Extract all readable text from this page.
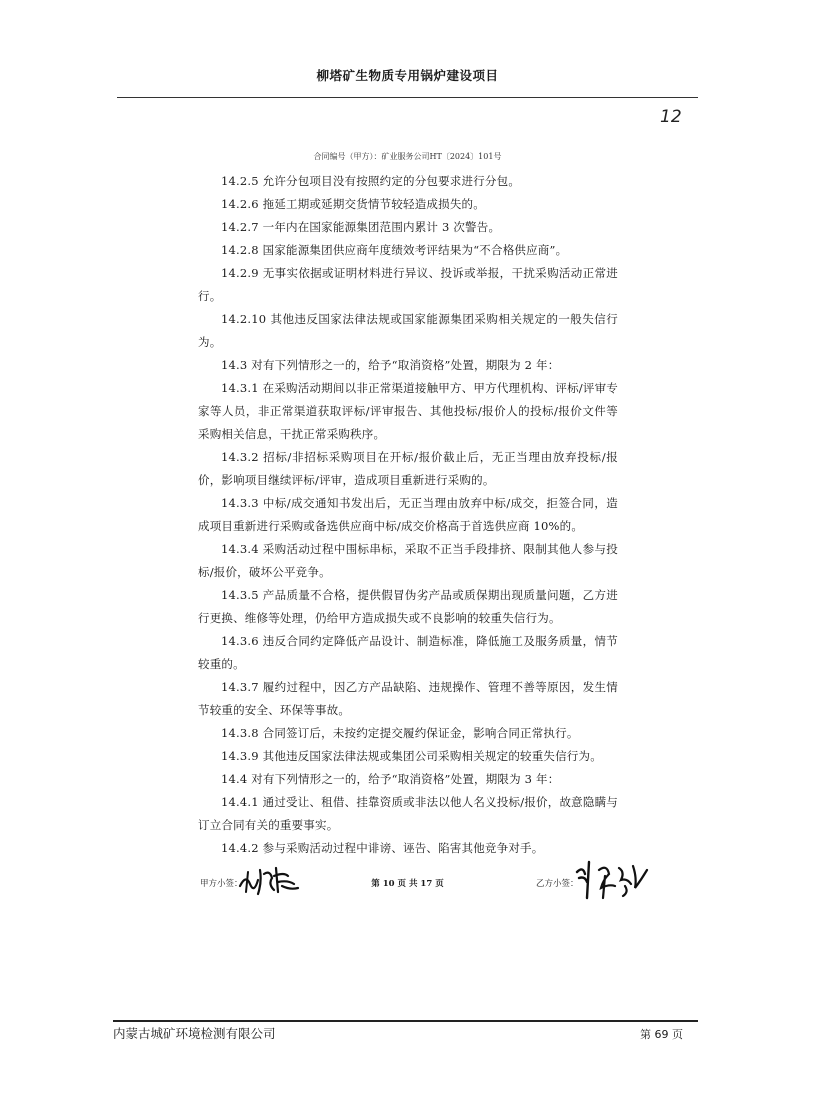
柳塔矿生物质专用锅炉建设项目
12
合同编号（甲方）：矿业服务公司HT〔2024〕101号

14.2.5 允许分包项目没有按照约定的分包要求进行分包。

14.2.6 拖延工期或延期交货情节较轻造成损失的。

14.2.7 一年内在国家能源集团范围内累计 3 次警告。

14.2.8 国家能源集团供应商年度绩效考评结果为“不合格供应商”。

14.2.9 无事实依据或证明材料进行异议、投诉或举报，干扰采购活动正常进行。

14.2.10 其他违反国家法律法规或国家能源集团采购相关规定的一般失信行为。

14.3 对有下列情形之一的，给予“取消资格”处置，期限为 2 年：

14.3.1 在采购活动期间以非正常渠道接触甲方、甲方代理机构、评标/评审专家等人员，非正常渠道获取评标/评审报告、其他投标/报价人的投标/报价文件等采购相关信息，干扰正常采购秩序。

14.3.2 招标/非招标采购项目在开标/报价截止后，无正当理由放弃投标/报价，影响项目继续评标/评审，造成项目重新进行采购的。

14.3.3 中标/成交通知书发出后，无正当理由放弃中标/成交，拒签合同，造成项目重新进行采购或备选供应商中标/成交价格高于首选供应商 10%的。

14.3.4 采购活动过程中围标串标，采取不正当手段排挤、限制其他人参与投标/报价，破坏公平竞争。

14.3.5 产品质量不合格，提供假冒伪劣产品或质保期出现质量问题，乙方进行更换、维修等处理，仍给甲方造成损失或不良影响的较重失信行为。

14.3.6 违反合同约定降低产品设计、制造标准，降低施工及服务质量，情节较重的。

14.3.7 履约过程中，因乙方产品缺陷、违规操作、管理不善等原因，发生情节较重的安全、环保等事故。

14.3.8 合同签订后，未按约定提交履约保证金，影响合同正常执行。

14.3.9 其他违反国家法律法规或集团公司采购相关规定的较重失信行为。

14.4 对有下列情形之一的，给予“取消资格”处置，期限为 3 年：

14.4.1 通过受让、租借、挂靠资质或非法以他人名义投标/报价，故意隐瞒与订立合同有关的重要事实。

14.4.2 参与采购活动过程中诽谤、诬告、陷害其他竞争对手。

甲方小签：	第 10 页 共 17 页	乙方小签：
内蒙古城矿环境检测有限公司	第 69 页
